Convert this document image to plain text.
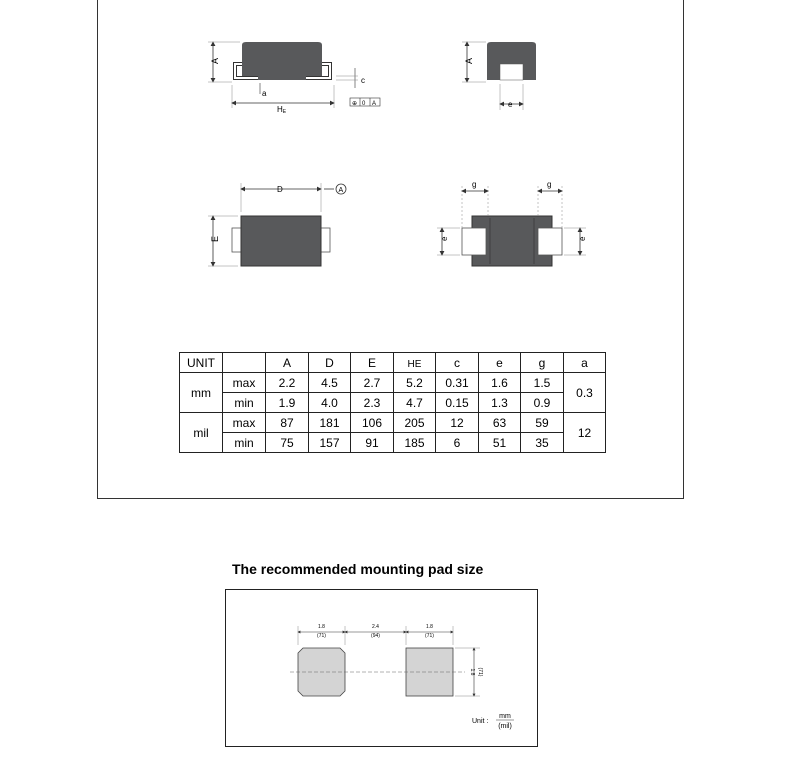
A
a
c
HE
⊕ 0 A
A
e
D	A
E
g	g
e	e
UNIT		A	D	E	HE	c	e	g	a
mm	max	2.2	4.5	2.7	5.2	0.31	1.6	1.5	0.3
	min	1.9	4.0	2.3	4.7	0.15	1.3	0.9	
mil	max	87	181	106	205	12	63	59	12
	min	75	157	91	185	6	51	35	
The recommended mounting pad size
1.8
(71)
2.4
(94)
1.8
(71)
1.8 (71)
Unit :
mm
(mil)
